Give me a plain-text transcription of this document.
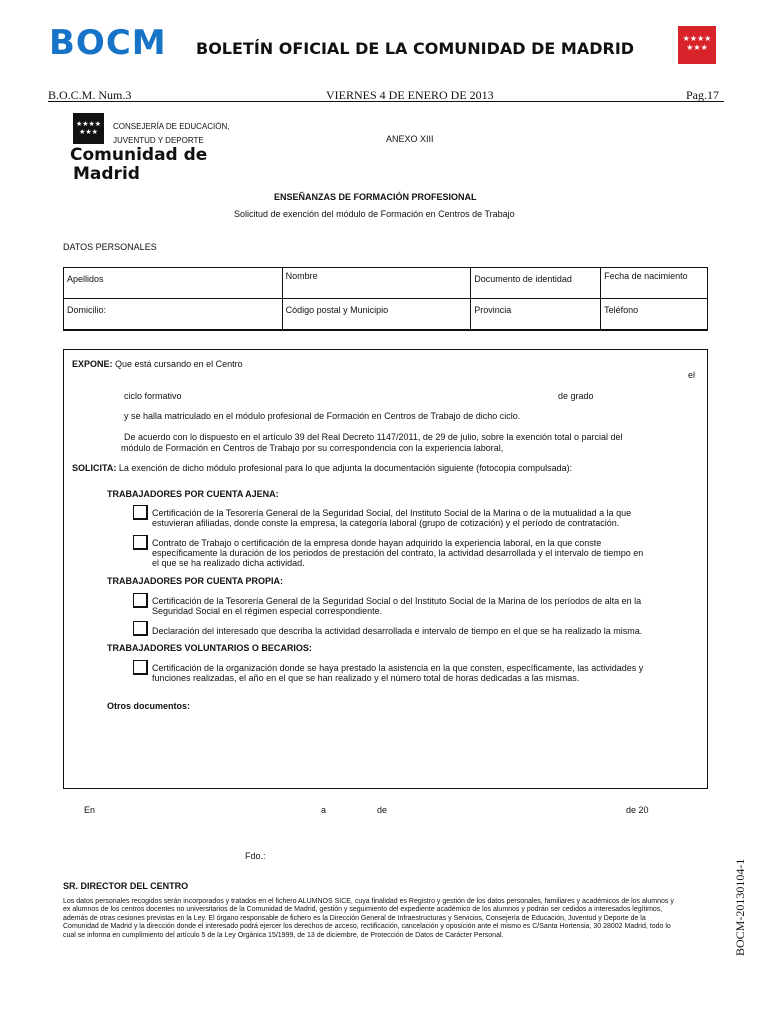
BOCM BOLETÍN OFICIAL DE LA COMUNIDAD DE MADRID
★★★★
★★★
B.O.C.M. Num.3	VIERNES 4 DE ENERO DE 2013	Pag.17
★★★★
★★★
CONSEJERÍA DE EDUCACIÓN,
JUVENTUD Y DEPORTE
Comunidad de
Madrid
ANEXO XIII
ENSEÑANZAS DE FORMACIÓN PROFESIONAL
Solicitud de exención del módulo de Formación en Centros de Trabajo
DATOS PERSONALES
Apellidos	Nombre	Documento de identidad	Fecha de nacimiento
Domicilio:	Código postal y Municipio	Provincia	Teléfono
EXPONE: Que está cursando en el Centro
el
ciclo formativo	de grado
y se halla matriculado en el módulo profesional de Formación en Centros de Trabajo de dicho ciclo.
De acuerdo con lo dispuesto en el artículo 39 del Real Decreto 1147/2011, de 29 de julio, sobre la exención total o parcial del
módulo de Formación en Centros de Trabajo por su correspondencia con la experiencia laboral,
SOLICITA: La exención de dicho módulo profesional para lo que adjunta la documentación siguiente (fotocopia compulsada):
TRABAJADORES POR CUENTA AJENA:
Certificación de la Tesorería General de la Seguridad Social, del Instituto Social de la Marina o de la mutualidad a la que
estuvieran afiliadas, donde conste la empresa, la categoría laboral (grupo de cotización) y el período de contratación.
Contrato de Trabajo o certificación de la empresa donde hayan adquirido la experiencia laboral, en la que conste
específicamente la duración de los periodos de prestación del contrato, la actividad desarrollada y el intervalo de tiempo en
el que se ha realizado dicha actividad.
TRABAJADORES POR CUENTA PROPIA:
Certificación de la Tesorería General de la Seguridad Social o del Instituto Social de la Marina de los períodos de alta en la
Seguridad Social en el régimen especial correspondiente.
Declaración del interesado que describa la actividad desarrollada e intervalo de tiempo en el que se ha realizado la misma.
TRABAJADORES VOLUNTARIOS O BECARIOS:
Certificación de la organización donde se haya prestado la asistencia en la que consten, específicamente, las actividades y
funciones realizadas, el año en el que se han realizado y el número total de horas dedicadas a las mismas.
Otros documentos:
En	a	de	de 20
Fdo.:
SR. DIRECTOR DEL CENTRO
Los datos personales recogidos serán incorporados y tratados en el fichero ALUMNOS SICE, cuya finalidad es Registro y gestión de los datos personales, familiares y académicos de los alumnos y
ex alumnos de los centros docentes no universitarios de la Comunidad de Madrid, gestión y seguimiento del expediente académico de los alumnos y podrán ser cedidos a interesados legítimos,
además de otras cesiones previstas en la Ley. El órgano responsable de fichero es la Dirección General de Infraestructuras y Servicios, Consejería de Educación, Juventud y Deporte de la
Comunidad de Madrid y la dirección donde el interesado podrá ejercer los derechos de acceso, rectificación, cancelación y oposición ante el mismo es C/Santa Hortensia, 30 28002 Madrid, todo lo
cual se informa en cumplimiento del artículo 5 de la Ley Orgánica 15/1999, de 13 de diciembre, de Protección de Datos de Carácter Personal.	BOCM-20130104-1
